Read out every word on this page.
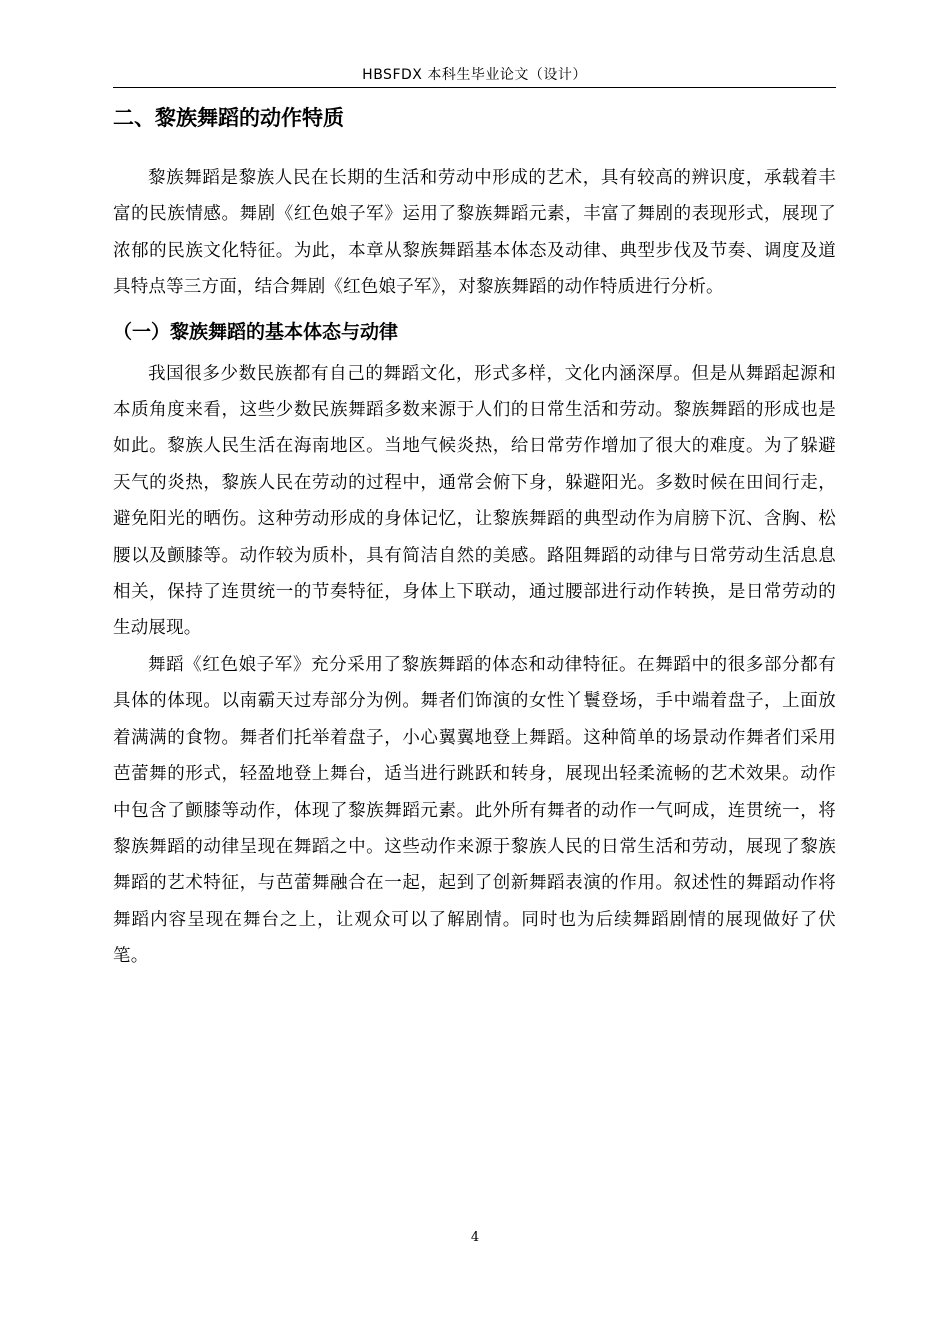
HBSFDX 本科生毕业论文（设计）
二、黎族舞蹈的动作特质

黎族舞蹈是黎族人民在长期的生活和劳动中形成的艺术，具有较高的辨识度，承载着丰富的民族情感。舞剧《红色娘子军》运用了黎族舞蹈元素，丰富了舞剧的表现形式，展现了浓郁的民族文化特征。为此，本章从黎族舞蹈基本体态及动律、典型步伐及节奏、调度及道具特点等三方面，结合舞剧《红色娘子军》，对黎族舞蹈的动作特质进行分析。

（一）黎族舞蹈的基本体态与动律

我国很多少数民族都有自己的舞蹈文化，形式多样，文化内涵深厚。但是从舞蹈起源和本质角度来看，这些少数民族舞蹈多数来源于人们的日常生活和劳动。黎族舞蹈的形成也是如此。黎族人民生活在海南地区。当地气候炎热，给日常劳作增加了很大的难度。为了躲避天气的炎热，黎族人民在劳动的过程中，通常会俯下身，躲避阳光。多数时候在田间行走，避免阳光的晒伤。这种劳动形成的身体记忆，让黎族舞蹈的典型动作为肩膀下沉、含胸、松腰以及颤膝等。动作较为质朴，具有简洁自然的美感。路阻舞蹈的动律与日常劳动生活息息相关，保持了连贯统一的节奏特征，身体上下联动，通过腰部进行动作转换，是日常劳动的生动展现。

舞蹈《红色娘子军》充分采用了黎族舞蹈的体态和动律特征。在舞蹈中的很多部分都有具体的体现。以南霸天过寿部分为例。舞者们饰演的女性丫鬟登场，手中端着盘子，上面放着满满的食物。舞者们托举着盘子，小心翼翼地登上舞蹈。这种简单的场景动作舞者们采用芭蕾舞的形式，轻盈地登上舞台，适当进行跳跃和转身，展现出轻柔流畅的艺术效果。动作中包含了颤膝等动作，体现了黎族舞蹈元素。此外所有舞者的动作一气呵成，连贯统一，将黎族舞蹈的动律呈现在舞蹈之中。这些动作来源于黎族人民的日常生活和劳动，展现了黎族舞蹈的艺术特征，与芭蕾舞融合在一起，起到了创新舞蹈表演的作用。叙述性的舞蹈动作将舞蹈内容呈现在舞台之上，让观众可以了解剧情。同时也为后续舞蹈剧情的展现做好了伏笔。

4
